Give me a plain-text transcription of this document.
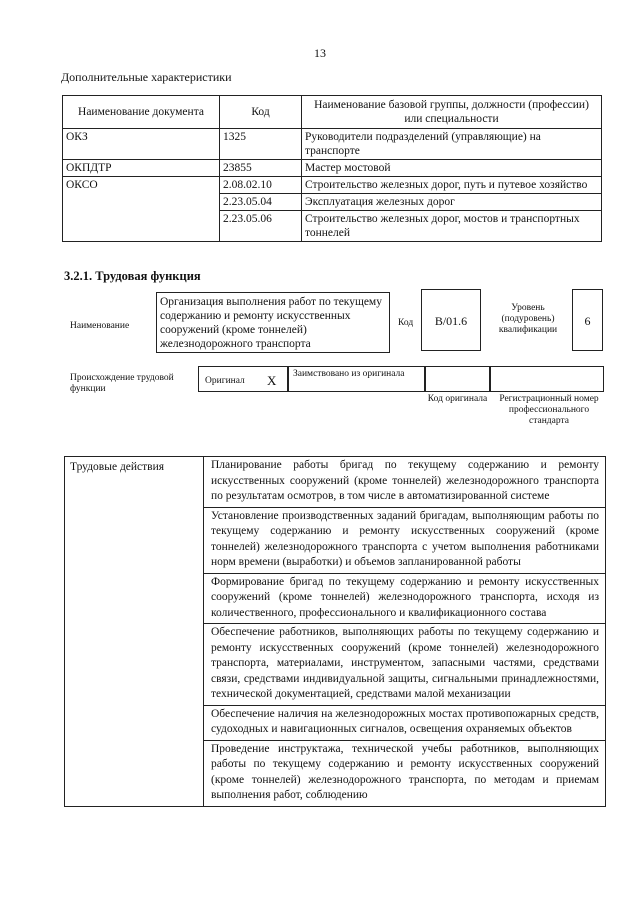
13
Дополнительные характеристики
Наименование документа	Код	Наименование базовой группы, должности (профессии) или специальности
ОКЗ	1325	Руководители подразделений (управляющие) на транспорте
ОКПДТР	23855	Мастер мостовой
ОКСО	2.08.02.10	Строительство железных дорог, путь и путевое хозяйство
	2.23.05.04	Эксплуатация железных дорог
	2.23.05.06	Строительство железных дорог, мостов и транспортных тоннелей
3.2.1. Трудовая функция
Наименование
Организация выполнения работ по текущему содержанию и ремонту искусственных сооружений (кроме тоннелей) железнодорожного транспорта
Код	B/01.6
Уровень (подуровень) квалификации
6
Происхождение трудовой функции
Оригинал X	Заимствовано из оригинала
Код оригинала	Регистрационный номер профессионального стандарта
Трудовые действия	Планирование работы бригад по текущему содержанию и ремонту искусственных сооружений (кроме тоннелей) железнодорожного транспорта по результатам осмотров, в том числе в автоматизированной системе
Установление производственных заданий бригадам, выполняющим работы по текущему содержанию и ремонту искусственных сооружений (кроме тоннелей) железнодорожного транспорта с учетом выполнения работниками норм времени (выработки) и объемов запланированной работы
Формирование бригад по текущему содержанию и ремонту искусственных сооружений (кроме тоннелей) железнодорожного транспорта, исходя из количественного, профессионального и квалификационного состава
Обеспечение работников, выполняющих работы по текущему содержанию и ремонту искусственных сооружений (кроме тоннелей) железнодорожного транспорта, материалами, инструментом, запасными частями, средствами связи, средствами индивидуальной защиты, сигнальными принадлежностями, технической документацией, средствами малой механизации
Обеспечение наличия на железнодорожных мостах противопожарных средств, судоходных и навигационных сигналов, освещения охраняемых объектов
Проведение инструктажа, технической учебы работников, выполняющих работы по текущему содержанию и ремонту искусственных сооружений (кроме тоннелей) железнодорожного транспорта, по методам и приемам выполнения работ, соблюдению
